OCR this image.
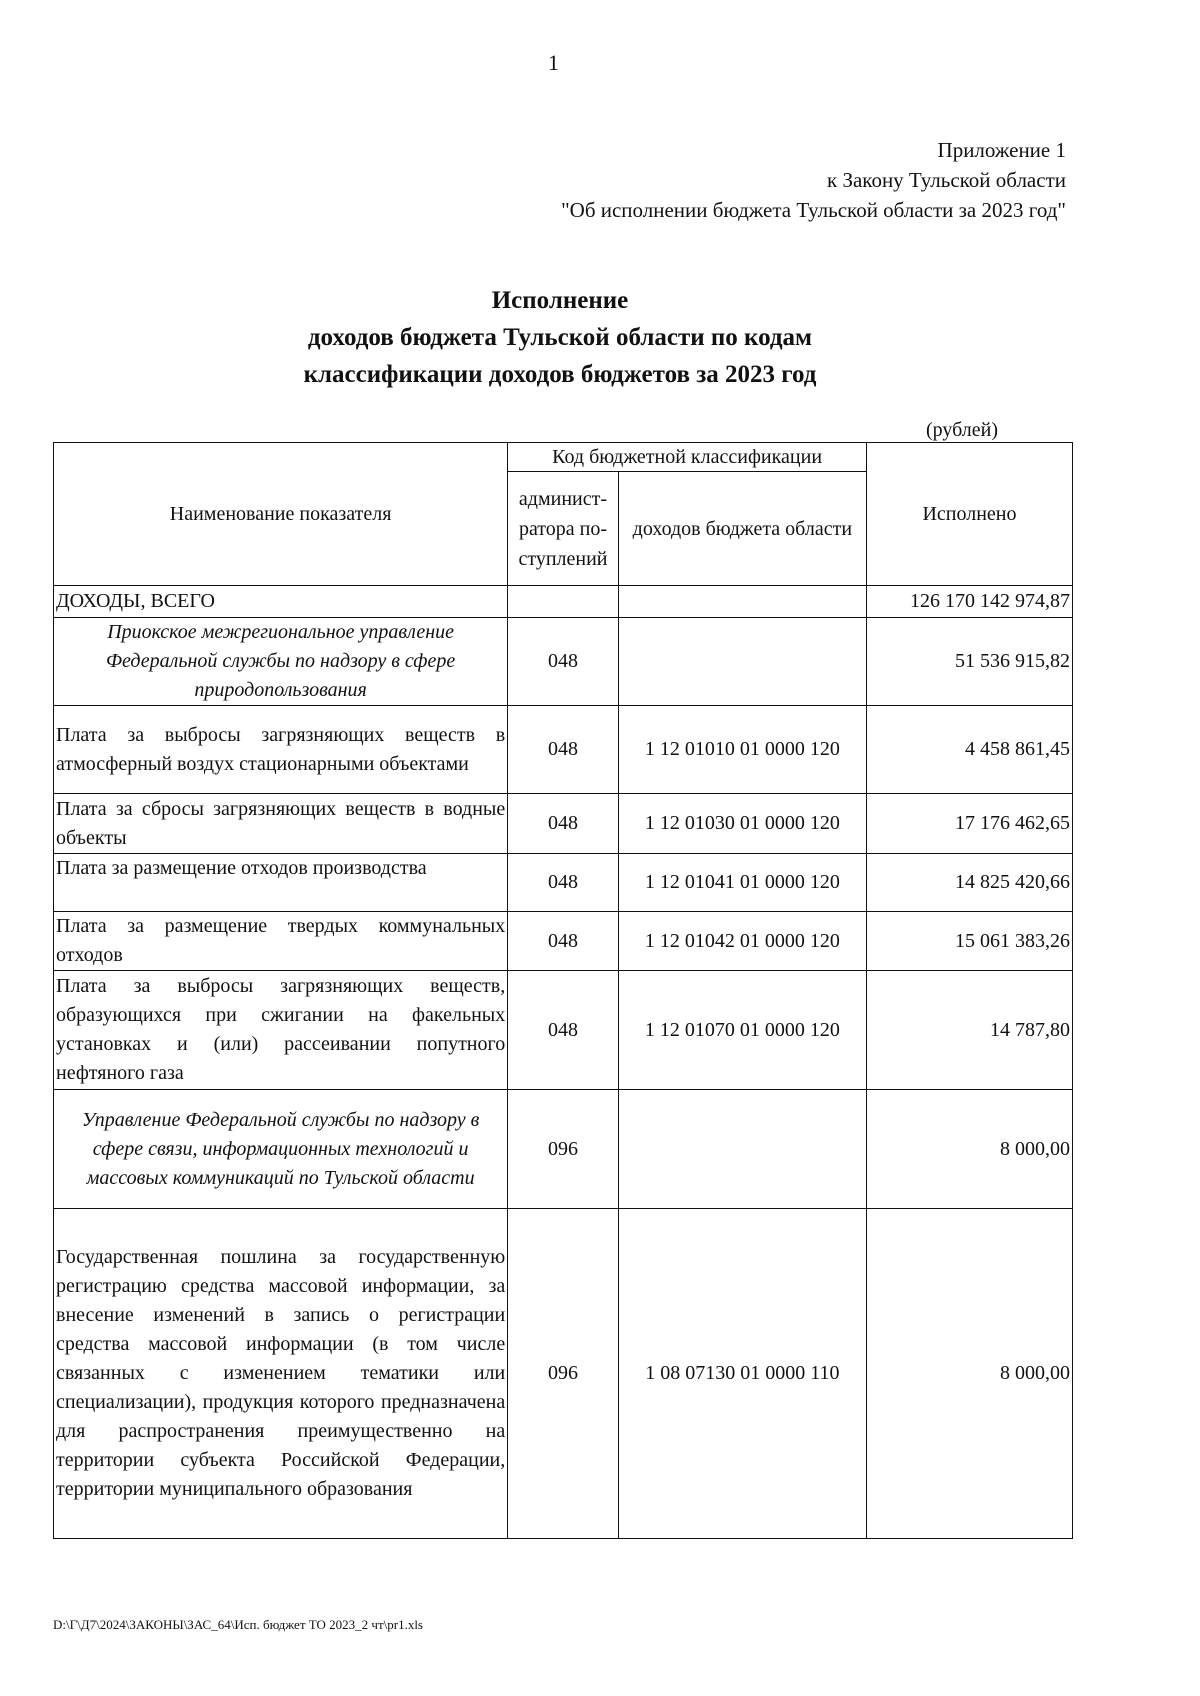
1
Приложение 1
к Закону Тульской области
"Об исполнении бюджета Тульской области за 2023 год"
Исполнение
доходов бюджета Тульской области по кодам
классификации доходов бюджетов за 2023 год
(рублей)
Наименование показателя	Код бюджетной классификации		Исполнено
	админист-ратора по-ступлений	доходов бюджета области	
ДОХОДЫ, ВСЕГО			126 170 142 974,87
Приокское межрегиональное управление Федеральной службы по надзору в сфере природопользования	048		51 536 915,82
Плата за выбросы загрязняющих веществ в атмосферный воздух стационарными объектами	048	1 12 01010 01 0000 120	4 458 861,45
Плата за сбросы загрязняющих веществ в водные объекты	048	1 12 01030 01 0000 120	17 176 462,65
Плата за размещение отходов производства	048	1 12 01041 01 0000 120	14 825 420,66
Плата за размещение твердых коммунальных отходов	048	1 12 01042 01 0000 120	15 061 383,26
Плата за выбросы загрязняющих веществ, образующихся при сжигании на факельных установках и (или) рассеивании попутного нефтяного газа	048	1 12 01070 01 0000 120	14 787,80
Управление Федеральной службы по надзору в сфере связи, информационных технологий и массовых коммуникаций по Тульской области	096		8 000,00
Государственная пошлина за государственную регистрацию средства массовой информации, за внесение изменений в запись о регистрации средства массовой информации (в том числе связанных с изменением тематики или специализации), продукция которого предназначена для распространения преимущественно на территории субъекта Российской Федерации, территории муниципального образования	096	1 08 07130 01 0000 110	8 000,00
D:\Г\Д7\2024\ЗАКОНЫ\ЗАС_64\Исп. бюджет ТО 2023_2 чт\pr1.xls
